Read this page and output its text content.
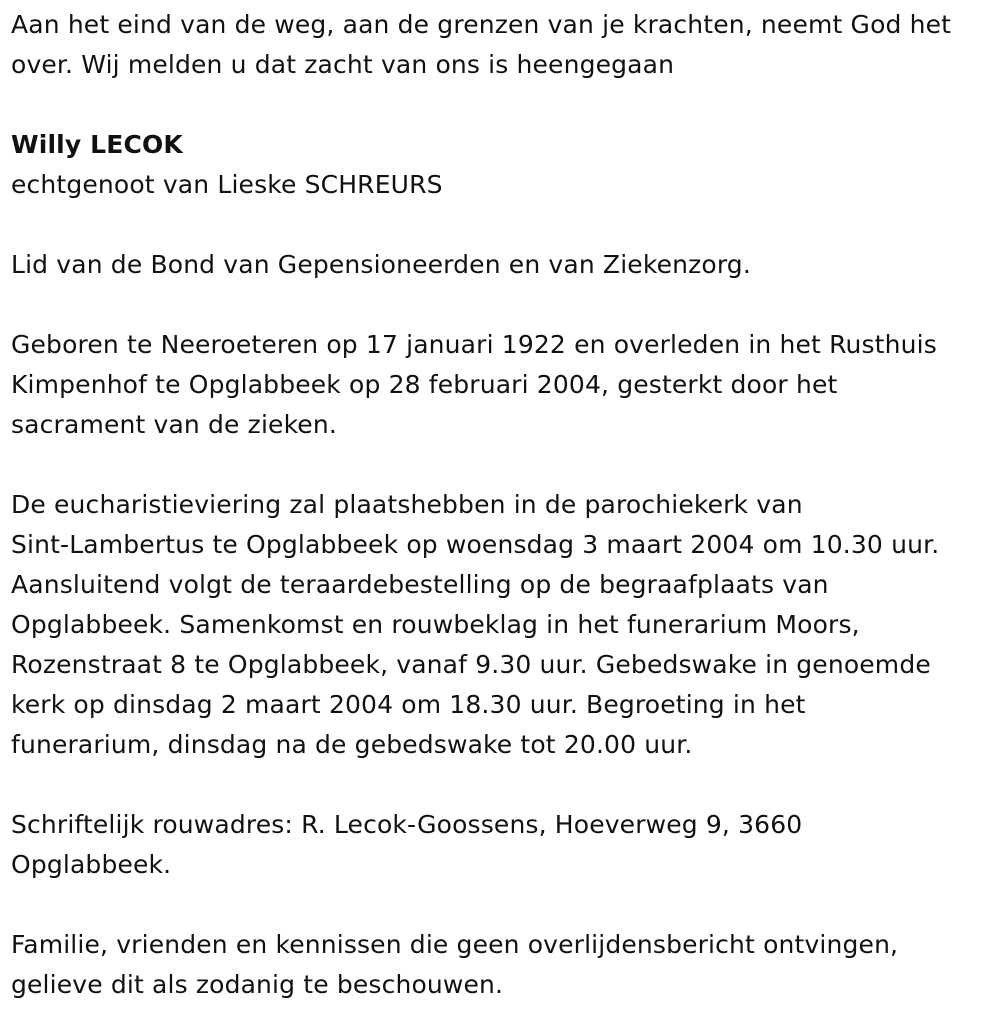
Aan het eind van de weg, aan de grenzen van je krachten, neemt God het
over. Wij melden u dat zacht van ons is heengegaan

Willy LECOK
echtgenoot van Lieske SCHREURS

Lid van de Bond van Gepensioneerden en van Ziekenzorg.

Geboren te Neeroeteren op 17 januari 1922 en overleden in het Rusthuis
Kimpenhof te Opglabbeek op 28 februari 2004, gesterkt door het
sacrament van de zieken.

De eucharistieviering zal plaatshebben in de parochiekerk van
Sint-Lambertus te Opglabbeek op woensdag 3 maart 2004 om 10.30 uur.
Aansluitend volgt de teraardebestelling op de begraafplaats van
Opglabbeek. Samenkomst en rouwbeklag in het funerarium Moors,
Rozenstraat 8 te Opglabbeek, vanaf 9.30 uur. Gebedswake in genoemde
kerk op dinsdag 2 maart 2004 om 18.30 uur. Begroeting in het
funerarium, dinsdag na de gebedswake tot 20.00 uur.

Schriftelijk rouwadres: R. Lecok-Goossens, Hoeverweg 9, 3660
Opglabbeek.

Familie, vrienden en kennissen die geen overlijdensbericht ontvingen,
gelieve dit als zodanig te beschouwen.
